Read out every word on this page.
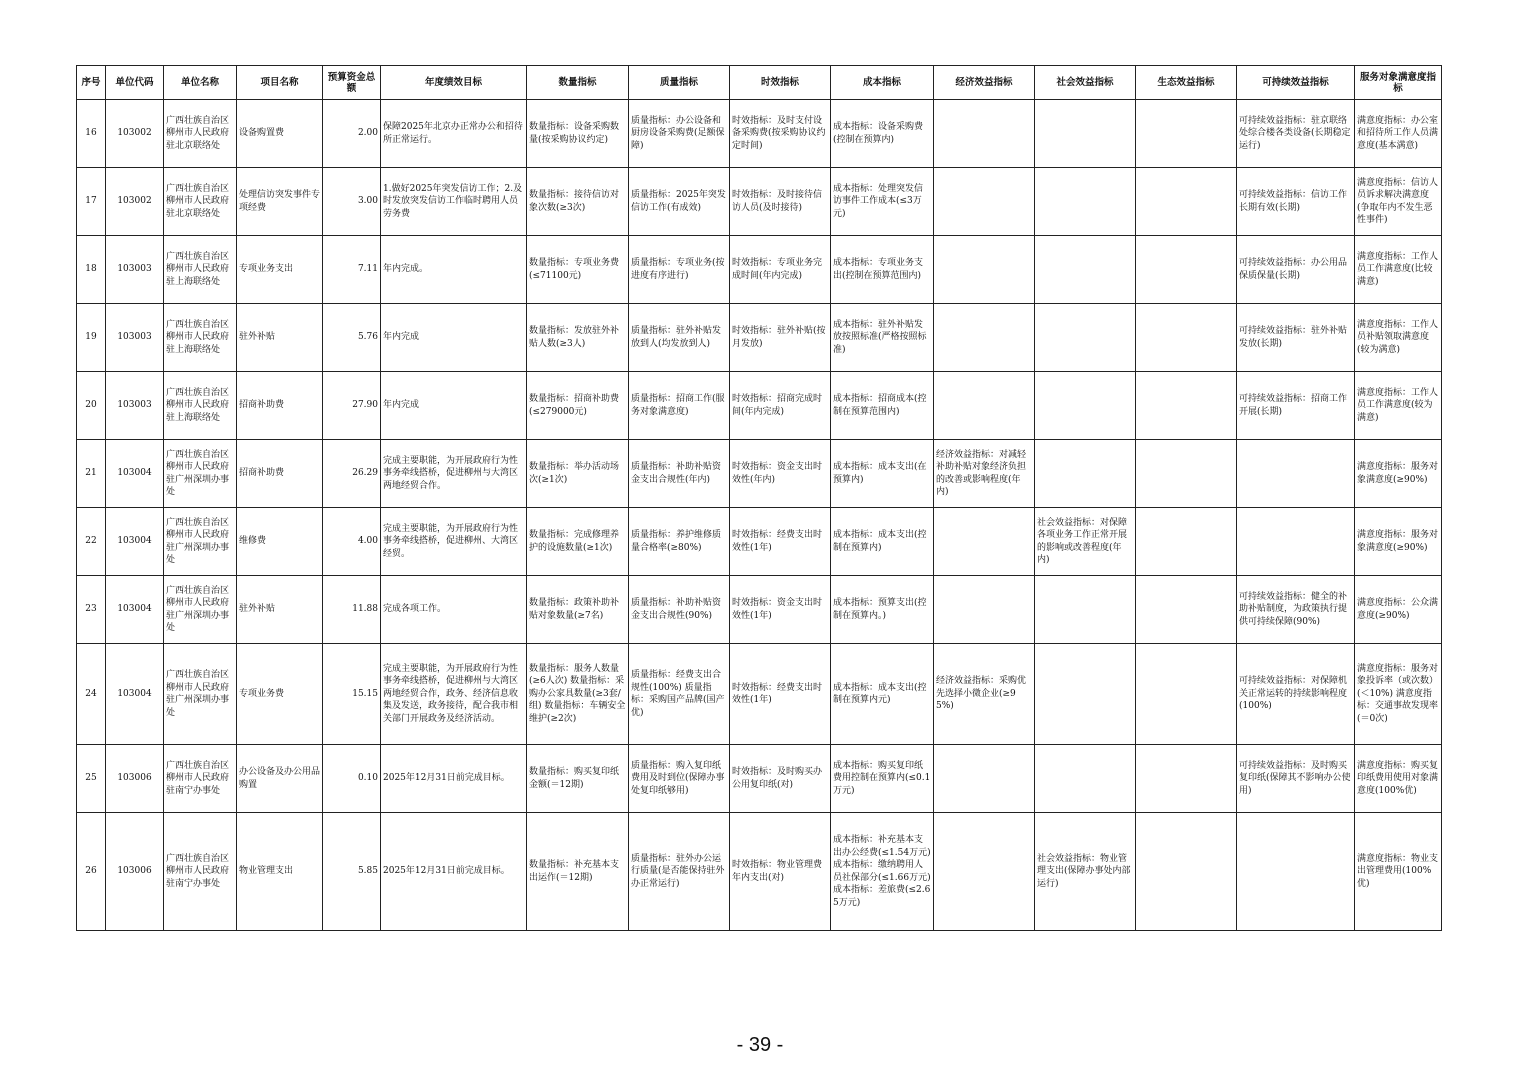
序号	单位代码	单位名称	项目名称	预算资金总额	年度绩效目标	数量指标	质量指标	时效指标	成本指标	经济效益指标	社会效益指标	生态效益指标	可持续效益指标	服务对象满意度指标
16	103002	广西壮族自治区柳州市人民政府驻北京联络处	设备购置费	2.00	保障2025年北京办正常办公和招待所正常运行。	数量指标：设备采购数量(按采购协议约定)	质量指标：办公设备和厨房设备采购费(足额保障)	时效指标：及时支付设备采购费(按采购协议约定时间)	成本指标：设备采购费(控制在预算内)				可持续效益指标：驻京联络处综合楼各类设备(长期稳定运行)	满意度指标：办公室和招待所工作人员满意度(基本满意)
17	103002	广西壮族自治区柳州市人民政府驻北京联络处	处理信访突发事件专项经费	3.00	1.做好2025年突发信访工作；2.及时发放突发信访工作临时聘用人员劳务费	数量指标：接待信访对象次数(≥3次)	质量指标：2025年突发信访工作(有成效)	时效指标：及时接待信访人员(及时接待)	成本指标：处理突发信访事件工作成本(≤3万元)				可持续效益指标：信访工作长期有效(长期)	满意度指标：信访人员诉求解决满意度(争取年内不发生恶性事件)
18	103003	广西壮族自治区柳州市人民政府驻上海联络处	专项业务支出	7.11	年内完成。	数量指标：专项业务费(≤71100元)	质量指标：专项业务(按进度有序进行)	时效指标：专项业务完成时间(年内完成)	成本指标：专项业务支出(控制在预算范围内)				可持续效益指标：办公用品保质保量(长期)	满意度指标：工作人员工作满意度(比较满意)
19	103003	广西壮族自治区柳州市人民政府驻上海联络处	驻外补贴	5.76	年内完成	数量指标：发放驻外补贴人数(≥3人)	质量指标：驻外补贴发放到人(均发放到人)	时效指标：驻外补贴(按月发放)	成本指标：驻外补贴发放按照标准(严格按照标准)				可持续效益指标：驻外补贴发放(长期)	满意度指标：工作人员补贴领取满意度(较为满意)
20	103003	广西壮族自治区柳州市人民政府驻上海联络处	招商补助费	27.90	年内完成	数量指标：招商补助费(≤279000元)	质量指标：招商工作(服务对象满意度)	时效指标：招商完成时间(年内完成)	成本指标：招商成本(控制在预算范围内)				可持续效益指标：招商工作开展(长期)	满意度指标：工作人员工作满意度(较为满意)
21	103004	广西壮族自治区柳州市人民政府驻广州深圳办事处	招商补助费	26.29	完成主要职能，为开展政府行为性事务牵线搭桥，促进柳州与大湾区两地经贸合作。	数量指标：举办活动场次(≥1次)	质量指标：补助补贴资金支出合规性(年内)	时效指标：资金支出时效性(年内)	成本指标：成本支出(在预算内)	经济效益指标：对减轻补助补贴对象经济负担的改善或影响程度(年内)				满意度指标：服务对象满意度(≥90%)
22	103004	广西壮族自治区柳州市人民政府驻广州深圳办事处	维修费	4.00	完成主要职能，为开展政府行为性事务牵线搭桥，促进柳州、大湾区经贸。	数量指标：完成修理养护的设施数量(≥1次)	质量指标：养护维修质量合格率(≥80%)	时效指标：经费支出时效性(1年)	成本指标：成本支出(控制在预算内)		社会效益指标：对保障各项业务工作正常开展的影响或改善程度(年内)			满意度指标：服务对象满意度(≥90%)
23	103004	广西壮族自治区柳州市人民政府驻广州深圳办事处	驻外补贴	11.88	完成各项工作。	数量指标：政策补助补贴对象数量(≥7名)	质量指标：补助补贴资金支出合规性(90%)	时效指标：资金支出时效性(1年)	成本指标：预算支出(控制在预算内。)				可持续效益指标：健全的补助补贴制度，为政策执行提供可持续保障(90%)	满意度指标：公众满意度(≥90%)
24	103004	广西壮族自治区柳州市人民政府驻广州深圳办事处	专项业务费	15.15	完成主要职能，为开展政府行为性事务牵线搭桥，促进柳州与大湾区两地经贸合作，政务、经济信息收集及发送，政务接待，配合我市相关部门开展政务及经济活动。	数量指标：服务人数量(≥6人次) 数量指标：采购办公家具数量(≥3套/组) 数量指标：车辆安全维护(≥2次)	质量指标：经费支出合规性(100%) 质量指标：采购国产品牌(国产优)	时效指标：经费支出时效性(1年)	成本指标：成本支出(控制在预算内元)	经济效益指标：采购优先选择小微企业(≥95%)			可持续效益指标：对保障机关正常运转的持续影响程度(100%)	满意度指标：服务对象投诉率（或次数）(＜10%) 满意度指标：交通事故发现率(＝0次)
25	103006	广西壮族自治区柳州市人民政府驻南宁办事处	办公设备及办公用品购置	0.10	2025年12月31日前完成目标。	数量指标：购买复印纸金额(＝12期)	质量指标：购入复印纸费用及时到位(保障办事处复印纸够用)	时效指标：及时购买办公用复印纸(对)	成本指标：购买复印纸费用控制在预算内(≤0.1万元)				可持续效益指标：及时购买复印纸(保障其不影响办公使用)	满意度指标：购买复印纸费用使用对象满意度(100%优)
26	103006	广西壮族自治区柳州市人民政府驻南宁办事处	物业管理支出	5.85	2025年12月31日前完成目标。	数量指标：补充基本支出运作(＝12期)	质量指标：驻外办公运行质量(是否能保持驻外办正常运行)	时效指标：物业管理费年内支出(对)	成本指标：补充基本支出办公经费(≤1.54万元) 成本指标：缴纳聘用人员社保部分(≤1.66万元) 成本指标：差旅费(≤2.65万元)		社会效益指标：物业管理支出(保障办事处内部运行)			满意度指标：物业支出管理费用(100%优)
- 39 -
